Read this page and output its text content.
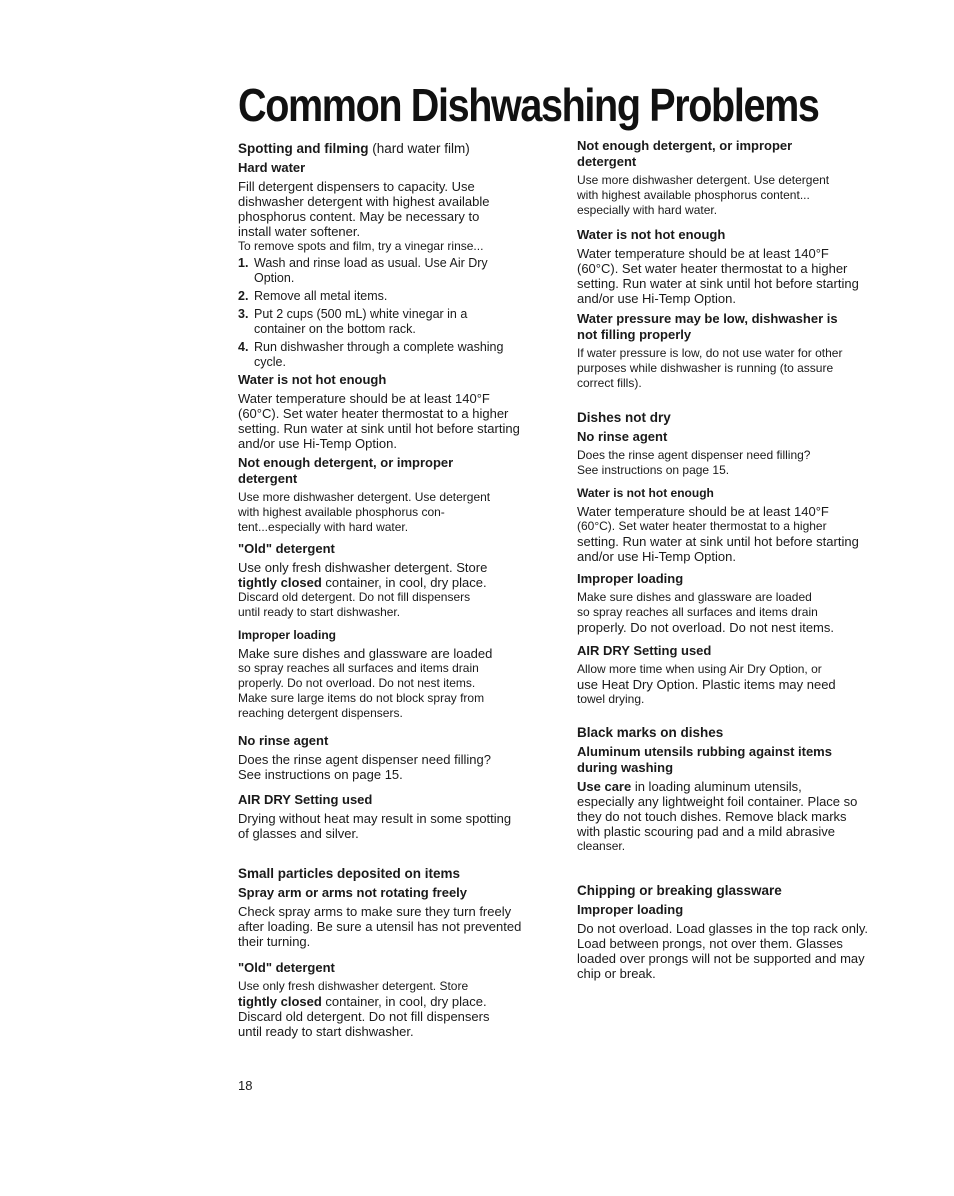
Common Dishwashing Problems
Spotting and filming (hard water film)
Hard water
Fill detergent dispensers to capacity. Use
dishwasher detergent with highest available
phosphorus content. May be necessary to
install water softener.
To remove spots and film, try a vinegar rinse...
1. Wash and rinse load as usual. Use Air Dry
Option.
2. Remove all metal items.
3. Put 2 cups (500 mL) white vinegar in a
container on the bottom rack.
4. Run dishwasher through a complete washing
cycle.
Water is not hot enough
Water temperature should be at least 140°F
(60°C). Set water heater thermostat to a higher
setting. Run water at sink until hot before starting
and/or use Hi-Temp Option.
Not enough detergent, or improper
detergent
Use more dishwasher detergent. Use detergent
with highest available phosphorus con-
tent...especially with hard water.
"Old" detergent
Use only fresh dishwasher detergent. Store
tightly closed container, in cool, dry place.
Discard old detergent. Do not fill dispensers
until ready to start dishwasher.
Improper loading
Make sure dishes and glassware are loaded
so spray reaches all surfaces and items drain
properly. Do not overload. Do not nest items.
Make sure large items do not block spray from
reaching detergent dispensers.
No rinse agent
Does the rinse agent dispenser need filling?
See instructions on page 15.
AIR DRY Setting used
Drying without heat may result in some spotting
of glasses and silver.
Small particles deposited on items
Spray arm or arms not rotating freely
Check spray arms to make sure they turn freely
after loading. Be sure a utensil has not prevented
their turning.
"Old" detergent
Use only fresh dishwasher detergent. Store
tightly closed container, in cool, dry place.
Discard old detergent. Do not fill dispensers
until ready to start dishwasher.
Not enough detergent, or improper
detergent
Use more dishwasher detergent. Use detergent
with highest available phosphorus content...
especially with hard water.
Water is not hot enough
Water temperature should be at least 140°F
(60°C). Set water heater thermostat to a higher
setting. Run water at sink until hot before starting
and/or use Hi-Temp Option.
Water pressure may be low, dishwasher is
not filling properly
If water pressure is low, do not use water for other
purposes while dishwasher is running (to assure
correct fills).
Dishes not dry
No rinse agent
Does the rinse agent dispenser need filling?
See instructions on page 15.
Water is not hot enough
Water temperature should be at least 140°F
(60°C). Set water heater thermostat to a higher
setting. Run water at sink until hot before starting
and/or use Hi-Temp Option.
Improper loading
Make sure dishes and glassware are loaded
so spray reaches all surfaces and items drain
properly. Do not overload. Do not nest items.
AIR DRY Setting used
Allow more time when using Air Dry Option, or
use Heat Dry Option. Plastic items may need
towel drying.
Black marks on dishes
Aluminum utensils rubbing against items
during washing
Use care in loading aluminum utensils,
especially any lightweight foil container. Place so
they do not touch dishes. Remove black marks
with plastic scouring pad and a mild abrasive
cleanser.
Chipping or breaking glassware
Improper loading
Do not overload. Load glasses in the top rack only.
Load between prongs, not over them. Glasses
loaded over prongs will not be supported and may
chip or break.
18
